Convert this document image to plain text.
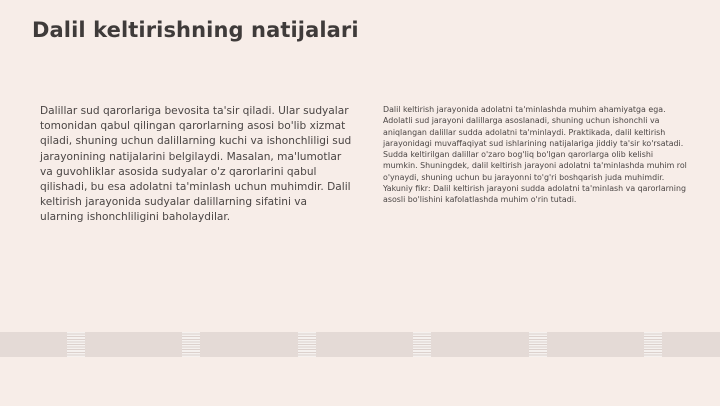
Dalil keltirishning natijalari

Dalillar sud qarorlariga bevosita ta'sir qiladi. Ular sudyalar tomonidan qabul qilingan qarorlarning asosi bo'lib xizmat qiladi, shuning uchun dalillarning kuchi va ishonchliligi sud jarayonining natijalarini belgilaydi. Masalan, ma'lumotlar va guvohliklar asosida sudyalar o'z qarorlarini qabul qilishadi, bu esa adolatni ta'minlash uchun muhimdir. Dalil keltirish jarayonida sudyalar dalillarning sifatini va ularning ishonchliligini baholaydilar.

Dalil keltirish jarayonida adolatni ta'minlashda muhim ahamiyatga ega. Adolatli sud jarayoni dalillarga asoslanadi, shuning uchun ishonchli va aniqlangan dalillar sudda adolatni ta'minlaydi. Praktikada, dalil keltirish jarayonidagi muvaffaqiyat sud ishlarining natijalariga jiddiy ta'sir ko'rsatadi. Sudda keltirilgan dalillar o'zaro bog'liq bo'lgan qarorlarga olib kelishi mumkin. Shuningdek, dalil keltirish jarayoni adolatni ta'minlashda muhim rol o'ynaydi, shuning uchun bu jarayonni to'g'ri boshqarish juda muhimdir. Yakuniy fikr: Dalil keltirish jarayoni sudda adolatni ta'minlash va qarorlarning asosli bo'lishini kafolatlashda muhim o'rin tutadi.
